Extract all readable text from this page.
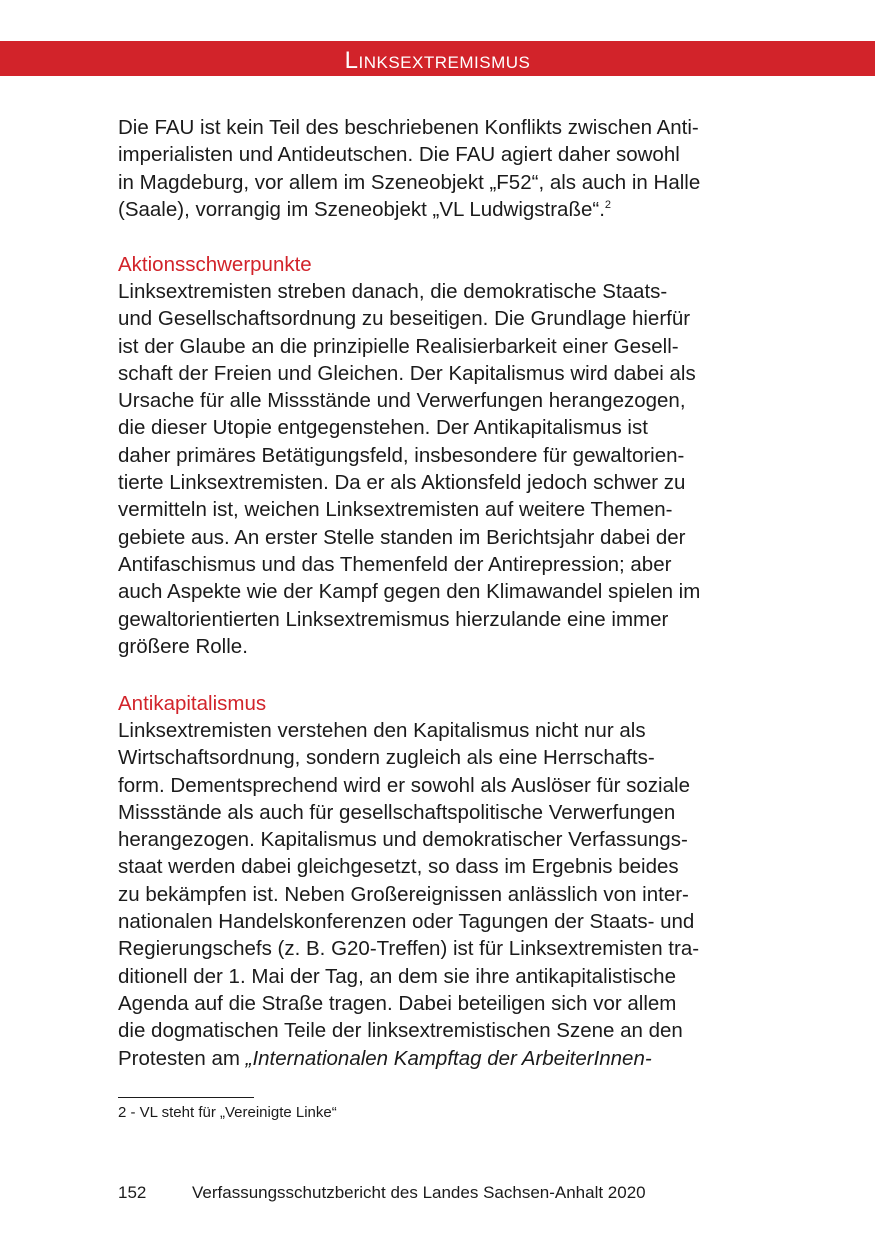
Linksextremismus
Die FAU ist kein Teil des beschriebenen Konflikts zwischen Anti-
imperialisten und Antideutschen. Die FAU agiert daher sowohl
in Magdeburg, vor allem im Szeneobjekt „F52“, als auch in Halle
(Saale), vorrangig im Szeneobjekt „VL Ludwigstraße“.$^2$
Aktionsschwerpunkte
Linksextremisten streben danach, die demokratische Staats-
und Gesellschaftsordnung zu beseitigen. Die Grundlage hierfür
ist der Glaube an die prinzipielle Realisierbarkeit einer Gesell-
schaft der Freien und Gleichen. Der Kapitalismus wird dabei als
Ursache für alle Missstände und Verwerfungen herangezogen,
die dieser Utopie entgegenstehen. Der Antikapitalismus ist
daher primäres Betätigungsfeld, insbesondere für gewaltorien-
tierte Linksextremisten. Da er als Aktionsfeld jedoch schwer zu
vermitteln ist, weichen Linksextremisten auf weitere Themen-
gebiete aus. An erster Stelle standen im Berichtsjahr dabei der
Antifaschismus und das Themenfeld der Antirepression; aber
auch Aspekte wie der Kampf gegen den Klimawandel spielen im
gewaltorientierten Linksextremismus hierzulande eine immer
größere Rolle.
Antikapitalismus
Linksextremisten verstehen den Kapitalismus nicht nur als
Wirtschaftsordnung, sondern zugleich als eine Herrschafts-
form. Dementsprechend wird er sowohl als Auslöser für soziale
Missstände als auch für gesellschaftspolitische Verwerfungen
herangezogen. Kapitalismus und demokratischer Verfassungs-
staat werden dabei gleichgesetzt, so dass im Ergebnis beides
zu bekämpfen ist. Neben Großereignissen anlässlich von inter-
nationalen Handelskonferenzen oder Tagungen der Staats- und
Regierungschefs (z. B. G20-Treffen) ist für Linksextremisten tra-
ditionell der 1. Mai der Tag, an dem sie ihre antikapitalistische
Agenda auf die Straße tragen. Dabei beteiligen sich vor allem
die dogmatischen Teile der linksextremistischen Szene an den
Protesten am „Internationalen Kampftag der ArbeiterInnen-
2 - VL steht für „Vereinigte Linke“
152	Verfassungsschutzbericht des Landes Sachsen-Anhalt 2020
